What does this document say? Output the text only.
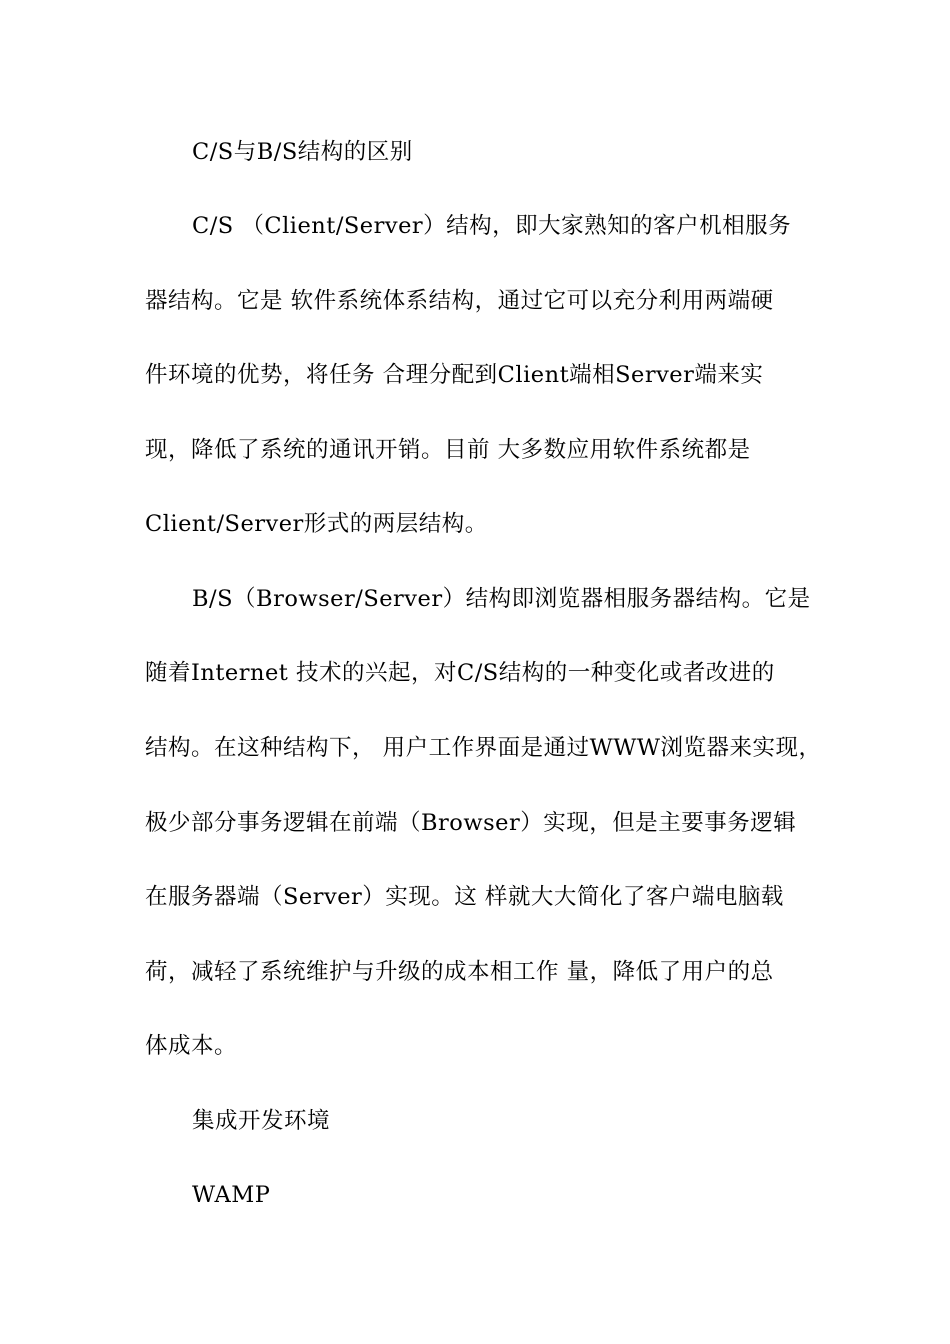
C/S与B/S结构的区别
C/S （Client/Server）结构，即大家熟知的客户机相服务
器结构。它是 软件系统体系结构，通过它可以充分利用两端硬
件环境的优势，将任务 合理分配到Client端相Server端来实
现，降低了系统的通讯开销。目前 大多数应用软件系统都是
Client/Server形式的两层结构。
B/S（Browser/Server）结构即浏览器相服务器结构。它是
随着Internet 技术的兴起，对C/S结构的一种变化或者改进的
结构。在这种结构下， 用户工作界面是通过WWW浏览器来实现，
极少部分事务逻辑在前端（Browser）实现，但是主要事务逻辑
在服务器端（Server）实现。这 样就大大简化了客户端电脑载
荷，减轻了系统维护与升级的成本相工作 量，降低了用户的总
体成本。
集成开发环境
WAMP
